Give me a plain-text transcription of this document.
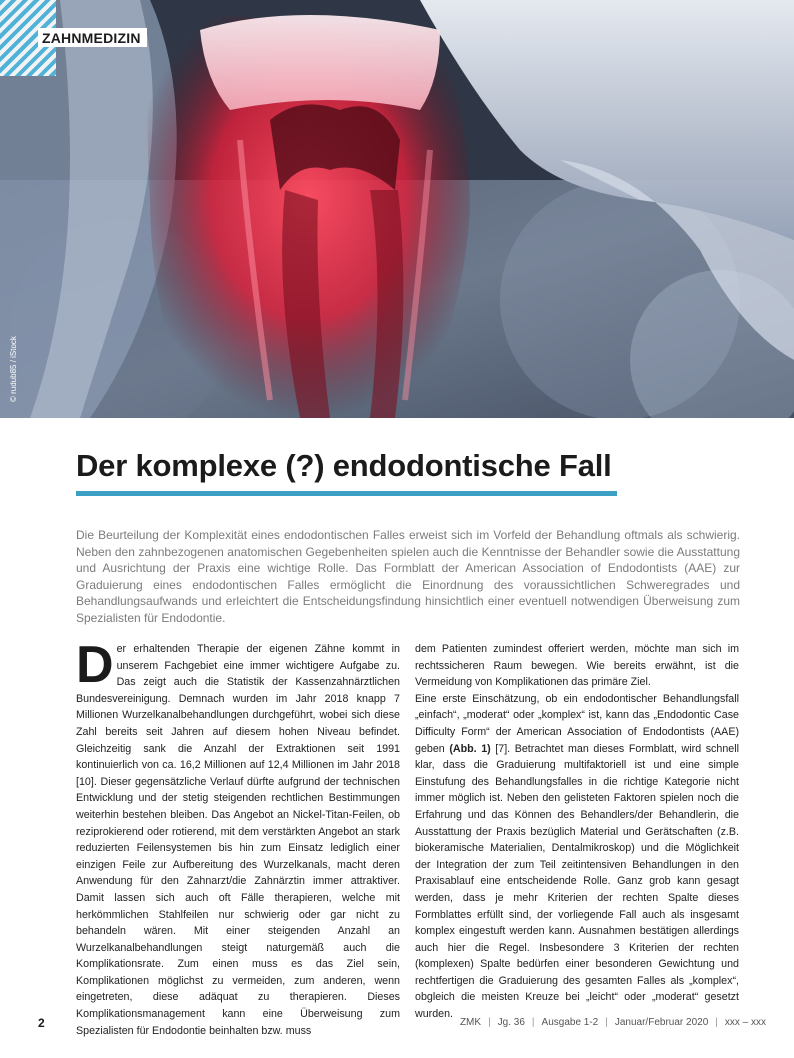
ZAHNMEDIZIN
© rudub85 / iStock
Der komplexe (?) endodontische Fall

Die Beurteilung der Komplexität eines endodontischen Falles erweist sich im Vorfeld der Behandlung oftmals als schwierig. Neben den zahnbezogenen anatomischen Gegebenheiten spielen auch die Kenntnisse der Behandler sowie die Ausstattung und Ausrichtung der Praxis eine wichtige Rolle. Das Formblatt der American Association of Endodontists (AAE) zur Graduierung eines endodontischen Falles ermöglicht die Einordnung des voraussichtlichen Schweregrades und Behandlungsaufwands und erleichtert die Entscheidungsfindung hinsichtlich einer eventuell notwendigen Überweisung zum Spezialisten für Endodontie.

Der erhaltenden Therapie der eigenen Zähne kommt in unserem Fachgebiet eine immer wichtigere Aufgabe zu. Das zeigt auch die Statistik der Kassenzahnärztlichen Bundesvereinigung. Demnach wurden im Jahr 2018 knapp 7 Millionen Wurzelkanalbehandlungen durchgeführt, wobei sich diese Zahl bereits seit Jahren auf diesem hohen Niveau befindet. Gleichzeitig sank die Anzahl der Extraktionen seit 1991 kontinuierlich von ca. 16,2 Millionen auf 12,4 Millionen im Jahr 2018 [10]. Dieser gegensätzliche Verlauf dürfte aufgrund der technischen Entwicklung und der stetig steigenden rechtlichen Bestimmungen weiterhin bestehen bleiben. Das Angebot an Nickel-Titan-Feilen, ob reziprokierend oder rotierend, mit dem verstärkten Angebot an stark reduzierten Feilensystemen bis hin zum Einsatz lediglich einer einzigen Feile zur Aufbereitung des Wurzelkanals, macht deren Anwendung für den Zahnarzt/die Zahnärztin immer attraktiver. Damit lassen sich auch oft Fälle therapieren, welche mit herkömmlichen Stahlfeilen nur schwierig oder gar nicht zu behandeln wären. Mit einer steigenden Anzahl an Wurzelkanalbehandlungen steigt naturgemäß auch die Komplikationsrate. Zum einen muss es das Ziel sein, Komplikationen möglichst zu vermeiden, zum anderen, wenn eingetreten, diese adäquat zu therapieren. Dieses Komplikationsmanagement kann eine Überweisung zum Spezialisten für Endodontie beinhalten bzw. muss

dem Patienten zumindest offeriert werden, möchte man sich im rechtssicheren Raum bewegen. Wie bereits erwähnt, ist die Vermeidung von Komplikationen das primäre Ziel.

Eine erste Einschätzung, ob ein endodontischer Behandlungsfall „einfach“, „moderat“ oder „komplex“ ist, kann das „Endodontic Case Difficulty Form“ der American Association of Endodontists (AAE) geben (Abb. 1) [7]. Betrachtet man dieses Formblatt, wird schnell klar, dass die Graduierung multifaktoriell ist und eine simple Einstufung des Behandlungsfalles in die richtige Kategorie nicht immer möglich ist. Neben den gelisteten Faktoren spielen noch die Erfahrung und das Können des Behandlers/der Behandlerin, die Ausstattung der Praxis bezüglich Material und Gerätschaften (z.B. biokeramische Materialien, Dentalmikroskop) und die Möglichkeit der Integration der zum Teil zeitintensiven Behandlungen in den Praxisablauf eine entscheidende Rolle. Ganz grob kann gesagt werden, dass je mehr Kriterien der rechten Spalte dieses Formblattes erfüllt sind, der vorliegende Fall auch als insgesamt komplex eingestuft werden kann. Ausnahmen bestätigen allerdings auch hier die Regel. Insbesondere 3 Kriterien der rechten (komplexen) Spalte bedürfen einer besonderen Gewichtung und rechtfertigen die Graduierung des gesamten Falles als „komplex“, obgleich die meisten Kreuze bei „leicht“ oder „moderat“ gesetzt wurden.

2	ZMK | Jg. 36 | Ausgabe 1-2 | Januar/Februar 2020 | xxx – xxx
